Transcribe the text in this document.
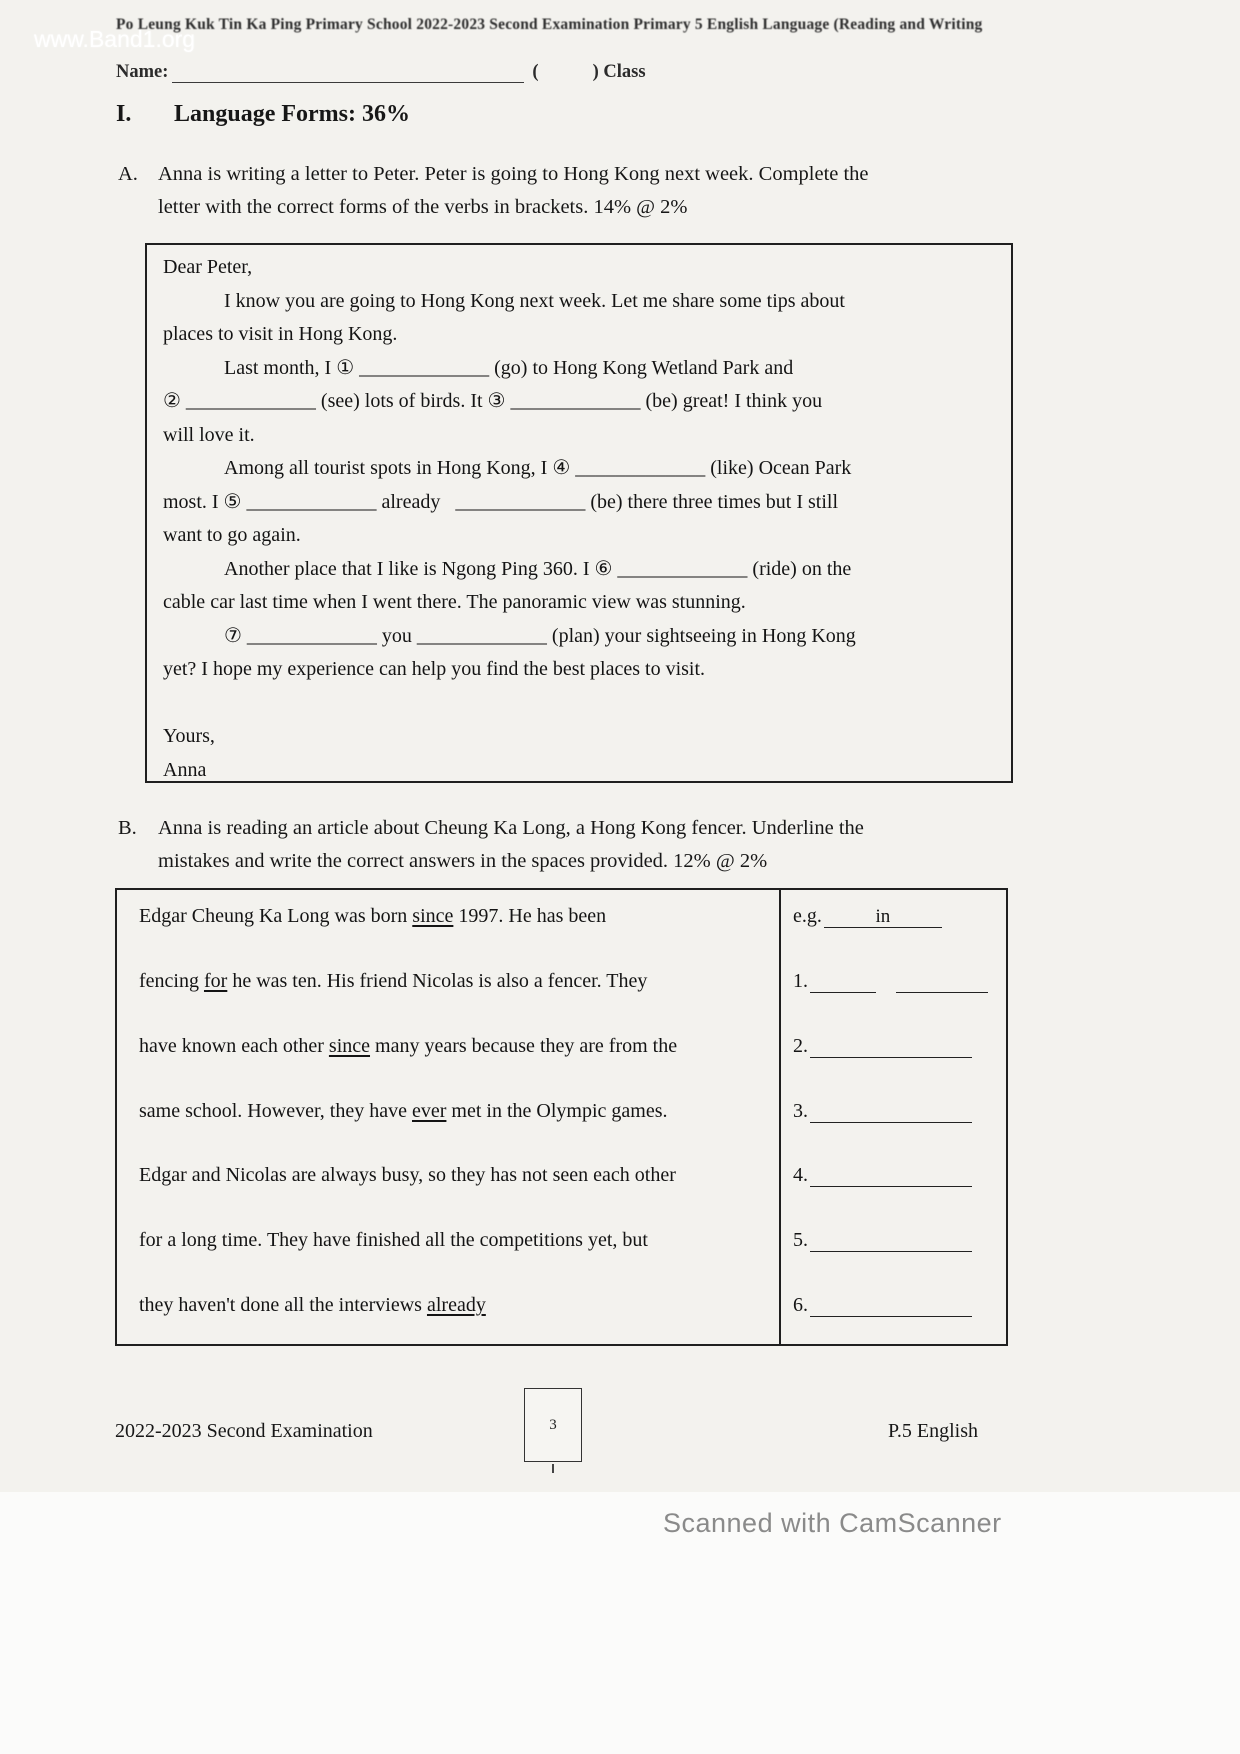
www.Band1.org
Po Leung Kuk Tin Ka Ping Primary School 2022-2023 Second Examination Primary 5 English Language (Reading and Writing
Name:	(	) Class
I. Language Forms: 36%
A. Anna is writing a letter to Peter. Peter is going to Hong Kong next week. Complete the
letter with the correct forms of the verbs in brackets. 14% @ 2%
Dear Peter,
I know you are going to Hong Kong next week. Let me share some tips about
places to visit in Hong Kong.
Last month, I ① _____________ (go) to Hong Kong Wetland Park and
② _____________ (see) lots of birds. It ③ _____________ (be) great! I think you
will love it.
Among all tourist spots in Hong Kong, I ④ _____________ (like) Ocean Park
most. I ⑤ _____________ already   _____________ (be) there three times but I still
want to go again.
Another place that I like is Ngong Ping 360. I ⑥ _____________ (ride) on the
cable car last time when I went there. The panoramic view was stunning.
⑦ _____________ you _____________ (plan) your sightseeing in Hong Kong
yet? I hope my experience can help you find the best places to visit.
Yours,
Anna
B. Anna is reading an article about Cheung Ka Long, a Hong Kong fencer. Underline the
mistakes and write the correct answers in the spaces provided. 12% @ 2%
Edgar Cheung Ka Long was born since 1997. He has been	e.g.	in
fencing for he was ten. His friend Nicolas is also a fencer. They	1.
have known each other since many years because they are from the	2.
same school. However, they have ever met in the Olympic games.	3.
Edgar and Nicolas are always busy, so they has not seen each other	4.
for a long time. They have finished all the competitions yet, but	5.
they haven't done all the interviews already	6.
2022-2023 Second Examination	3	P.5 English
Scanned with CamScanner
